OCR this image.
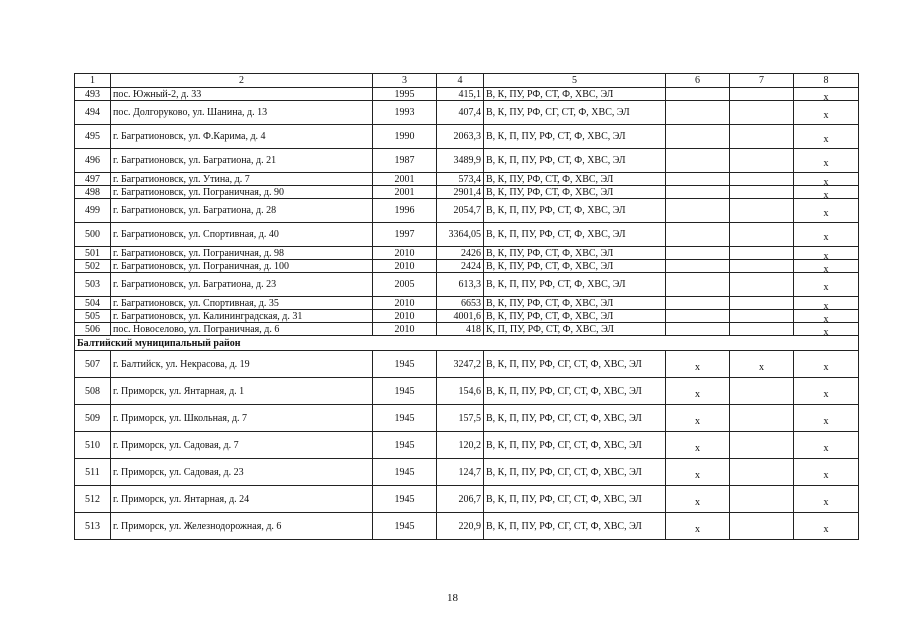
1	2	3	4	5	6	7	8
493	пос. Южный-2, д. 33	1995	415,1	В, К, ПУ, РФ, СТ, Ф, ХВС, ЭЛ			х
494	пос. Долгоруково, ул. Шанина, д. 13	1993	407,4	В, К, ПУ, РФ, СГ, СТ, Ф, ХВС, ЭЛ			х
495	г. Багратионовск, ул. Ф.Карима, д. 4	1990	2063,3	В, К, П, ПУ, РФ, СТ, Ф, ХВС, ЭЛ			х
496	г. Багратионовск, ул. Багратиона, д. 21	1987	3489,9	В, К, П, ПУ, РФ, СТ, Ф, ХВС, ЭЛ			х
497	г. Багратионовск, ул. Утина, д. 7	2001	573,4	В, К, ПУ, РФ, СТ, Ф, ХВС, ЭЛ			х
498	г. Багратионовск, ул. Пограничная, д. 90	2001	2901,4	В, К, ПУ, РФ, СТ, Ф, ХВС, ЭЛ			х
499	г. Багратионовск, ул. Багратиона, д. 28	1996	2054,7	В, К, П, ПУ, РФ, СТ, Ф, ХВС, ЭЛ			х
500	г. Багратионовск, ул. Спортивная, д. 40	1997	3364,05	В, К, П, ПУ, РФ, СТ, Ф, ХВС, ЭЛ			х
501	г. Багратионовск, ул. Пограничная, д. 98	2010	2426	В, К, ПУ, РФ, СТ, Ф, ХВС, ЭЛ			х
502	г. Багратионовск, ул. Пограничная, д. 100	2010	2424	В, К, ПУ, РФ, СТ, Ф, ХВС, ЭЛ			х
503	г. Багратионовск, ул. Багратиона, д. 23	2005	613,3	В, К, П, ПУ, РФ, СТ, Ф, ХВС, ЭЛ			х
504	г. Багратионовск, ул. Спортивная, д. 35	2010	6653	В, К, ПУ, РФ, СТ, Ф, ХВС, ЭЛ			х
505	г. Багратионовск, ул. Калининградская, д. 31	2010	4001,6	В, К, ПУ, РФ, СТ, Ф, ХВС, ЭЛ			х
506	пос. Новоселово, ул. Пограничная, д. 6	2010	418	К, П, ПУ, РФ, СТ, Ф, ХВС, ЭЛ			х
Балтийский муниципальный район							
507	г. Балтийск, ул. Некрасова, д. 19	1945	3247,2	В, К, П, ПУ, РФ, СГ, СТ, Ф, ХВС, ЭЛ	х	х	х
508	г. Приморск, ул. Янтарная, д. 1	1945	154,6	В, К, П, ПУ, РФ, СГ, СТ, Ф, ХВС, ЭЛ	х		х
509	г. Приморск, ул. Школьная, д. 7	1945	157,5	В, К, П, ПУ, РФ, СГ, СТ, Ф, ХВС, ЭЛ	х		х
510	г. Приморск, ул. Садовая, д. 7	1945	120,2	В, К, П, ПУ, РФ, СГ, СТ, Ф, ХВС, ЭЛ	х		х
511	г. Приморск, ул. Садовая, д. 23	1945	124,7	В, К, П, ПУ, РФ, СГ, СТ, Ф, ХВС, ЭЛ	х		х
512	г. Приморск, ул. Янтарная, д. 24	1945	206,7	В, К, П, ПУ, РФ, СГ, СТ, Ф, ХВС, ЭЛ	х		х
513	г. Приморск, ул. Железнодорожная, д. 6	1945	220,9	В, К, П, ПУ, РФ, СГ, СТ, Ф, ХВС, ЭЛ	х		х
18
